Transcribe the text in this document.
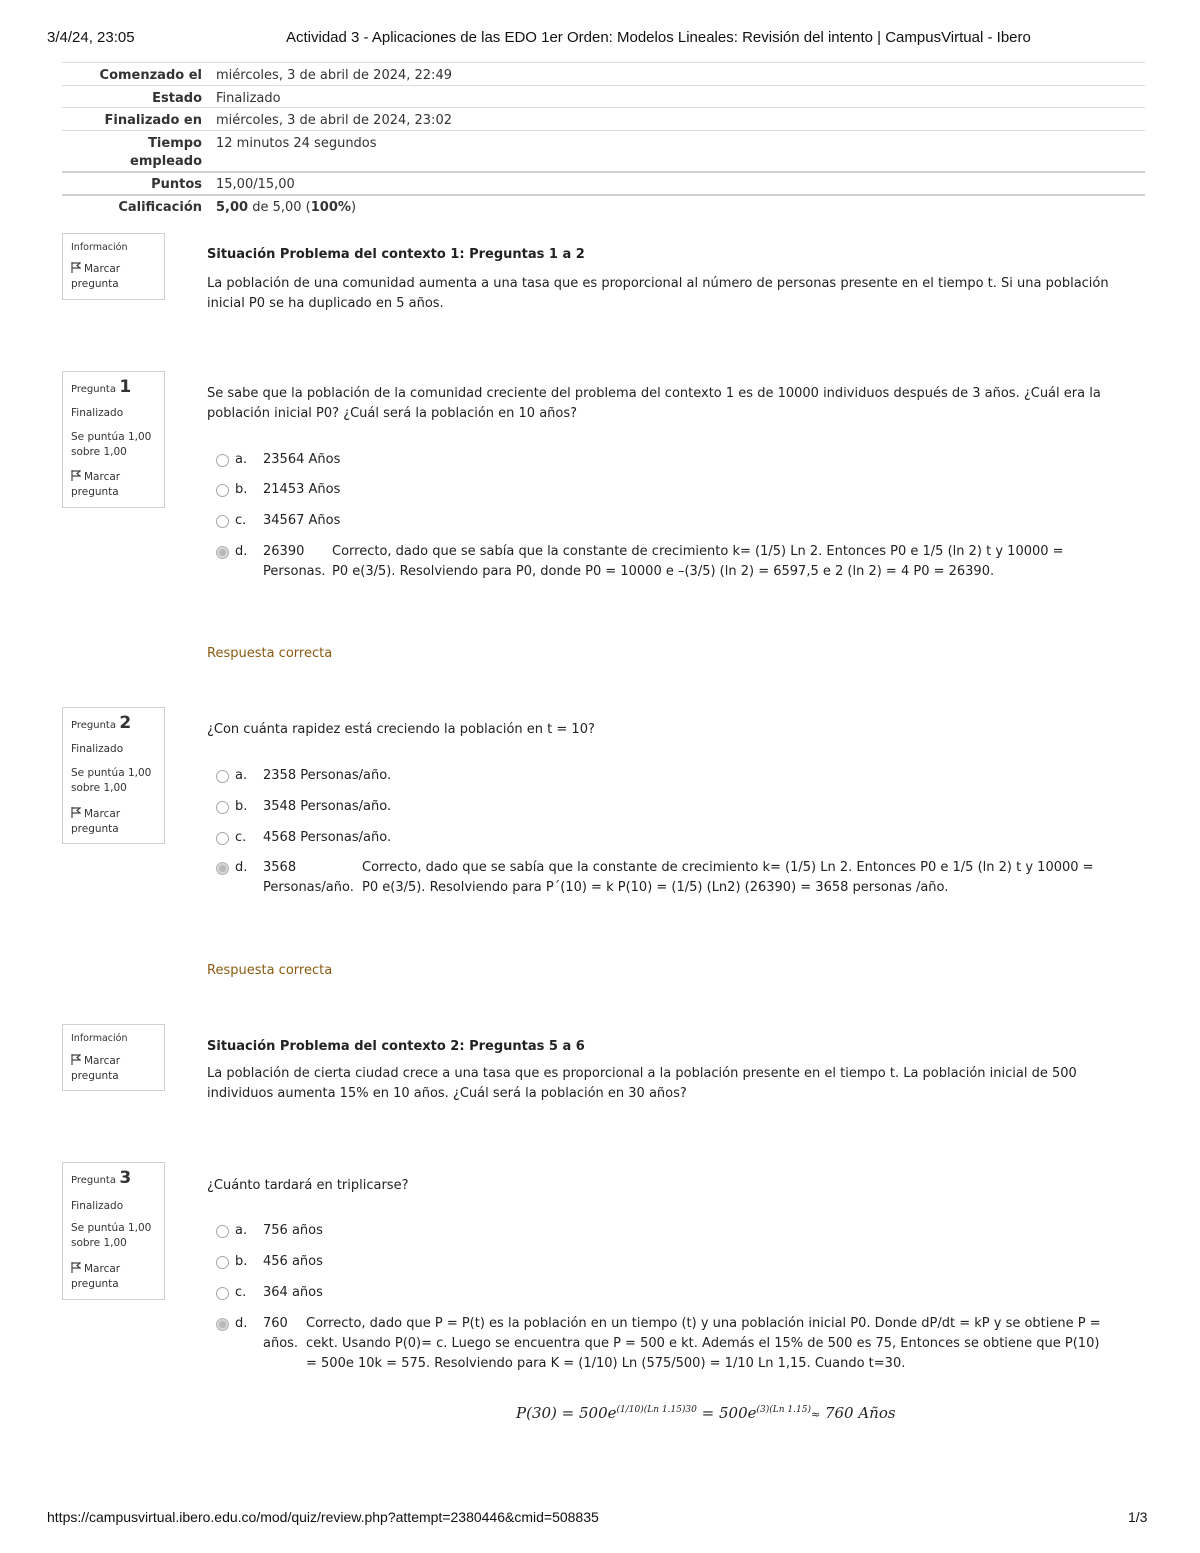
3/4/24, 23:05	Actividad 3 - Aplicaciones de las EDO 1er Orden: Modelos Lineales: Revisión del intento | CampusVirtual - Ibero
Comenzado el miércoles, 3 de abril de 2024, 22:49
Estado Finalizado
Finalizado en miércoles, 3 de abril de 2024, 23:02
Tiempo
empleado
12 minutos 24 segundos
Puntos 15,00/15,00
Calificación 5,00 de 5,00 (100%)
Información
Marcar
pregunta
Situación Problema del contexto 1: Preguntas 1 a 2
La población de una comunidad aumenta a una tasa que es proporcional al número de personas presente en el tiempo t. Si una población inicial P0 se ha duplicado en 5 años.
Pregunta 1
Finalizado
Se puntúa 1,00
sobre 1,00
Marcar
pregunta
Se sabe que la población de la comunidad creciente del problema del contexto 1 es de 10000 individuos después de 3 años. ¿Cuál era la población inicial P0? ¿Cuál será la población en 10 años?
a. 23564 Años
b. 21453 Años
c. 34567 Años
d. 26390
Personas.
Correcto, dado que se sabía que la constante de crecimiento k= (1/5) Ln 2. Entonces P0 e 1/5 (ln 2) t y 10000 = P0 e(3/5). Resolviendo para P0, donde P0 = 10000 e –(3/5) (ln 2) = 6597,5 e 2 (ln 2) = 4 P0 = 26390.
Respuesta correcta
Pregunta 2
Finalizado
Se puntúa 1,00
sobre 1,00
Marcar
pregunta
¿Con cuánta rapidez está creciendo la población en t = 10?
a. 2358 Personas/año.
b. 3548 Personas/año.
c. 4568 Personas/año.
d. 3568
Personas/año.
Correcto, dado que se sabía que la constante de crecimiento k= (1/5) Ln 2. Entonces P0 e 1/5 (ln 2) t y 10000 = P0 e(3/5). Resolviendo para P´(10) = k P(10) = (1/5) (Ln2) (26390) = 3658 personas /año.
Respuesta correcta
Información
Marcar
pregunta
Situación Problema del contexto 2: Preguntas 5 a 6
La población de cierta ciudad crece a una tasa que es proporcional a la población presente en el tiempo t. La población inicial de 500 individuos aumenta 15% en 10 años. ¿Cuál será la población en 30 años?
Pregunta 3
Finalizado
Se puntúa 1,00
sobre 1,00
Marcar
pregunta
¿Cuánto tardará en triplicarse?
a. 756 años
b. 456 años
c. 364 años
d. 760
años.
Correcto, dado que P = P(t) es la población en un tiempo (t) y una población inicial P0. Donde dP/dt = kP y se obtiene P = cekt. Usando P(0)= c. Luego se encuentra que P = 500 e kt. Además el 15% de 500 es 75, Entonces se obtiene que P(10) = 500e 10k = 575. Resolviendo para K = (1/10) Ln (575/500) = 1/10 Ln 1,15. Cuando t=30.
$P(30) = 500e^{(1/10)(Ln 1.15)30} = 500e^{(3)(Ln 1.15)}\approx 760$ Años
https://campusvirtual.ibero.edu.co/mod/quiz/review.php?attempt=2380446&cmid=508835	1/3
